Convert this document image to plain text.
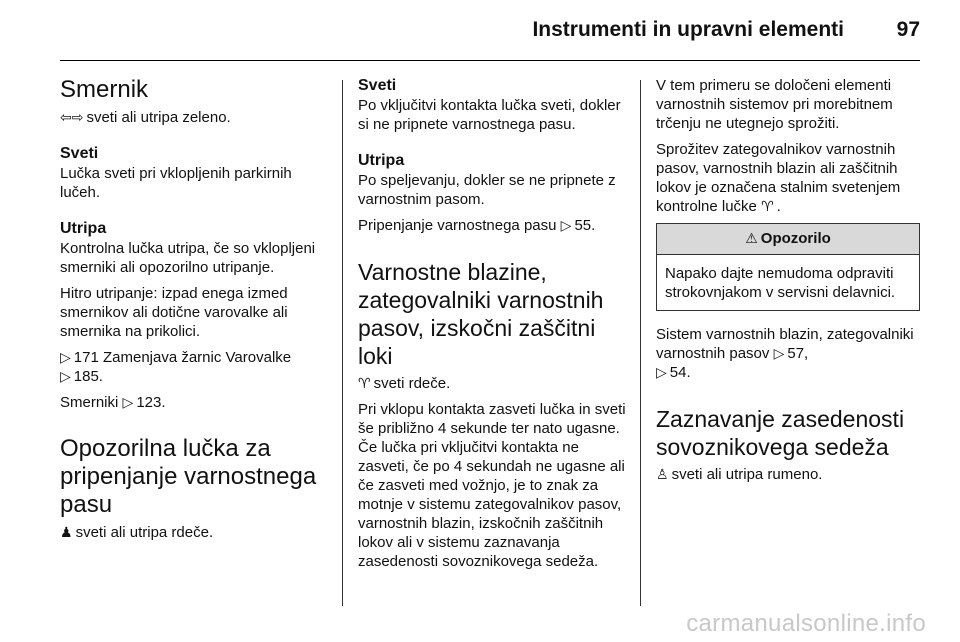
Instrumenti in upravni elementi	97
Smernik

⇦⇨ sveti ali utripa zeleno.

Sveti

Lučka sveti pri vklopljenih parkirnih lučeh.

Utripa

Kontrolna lučka utripa, če so vklopljeni smerniki ali opozorilno utripanje.

Hitro utripanje: izpad enega izmed smernikov ali dotične varovalke ali smernika na prikolici.

▷ 171 Zamenjava žarnic Varovalke
▷ 185.

Smerniki ▷ 123.

Opozorilna lučka za pripenjanje varnostnega pasu

♟ sveti ali utripa rdeče.

Sveti

Po vključitvi kontakta lučka sveti, dokler si ne pripnete varnostnega pasu.

Utripa

Po speljevanju, dokler se ne pripnete z varnostnim pasom.

Pripenjanje varnostnega pasu ▷ 55.

Varnostne blazine, zategovalniki varnostnih pasov, izskočni zaščitni loki

♈ sveti rdeče.

Pri vklopu kontakta zasveti lučka in sveti še približno 4 sekunde ter nato ugasne. Če lučka pri vključitvi kontakta ne zasveti, če po 4 sekundah ne ugasne ali če zasveti med vožnjo, je to znak za motnje v sistemu zategovalnikov pasov, varnostnih blazin, izskočnih zaščitnih lokov ali v sistemu zaznavanja zasedenosti sovoznikovega sedeža.

V tem primeru se določeni elementi varnostnih sistemov pri morebitnem trčenju ne utegnejo sprožiti.

Sprožitev zategovalnikov varnostnih pasov, varnostnih blazin ali zaščitnih lokov je označena stalnim svetenjem kontrolne lučke ♈ .

⚠ Opozorilo
Napako dajte nemudoma odpraviti strokovnjakom v servisni delavnici.

Sistem varnostnih blazin, zategovalniki varnostnih pasov ▷ 57,
▷ 54.

Zaznavanje zasedenosti sovoznikovega sedeža

♙ sveti ali utripa rumeno.

carmanualsonline.info
